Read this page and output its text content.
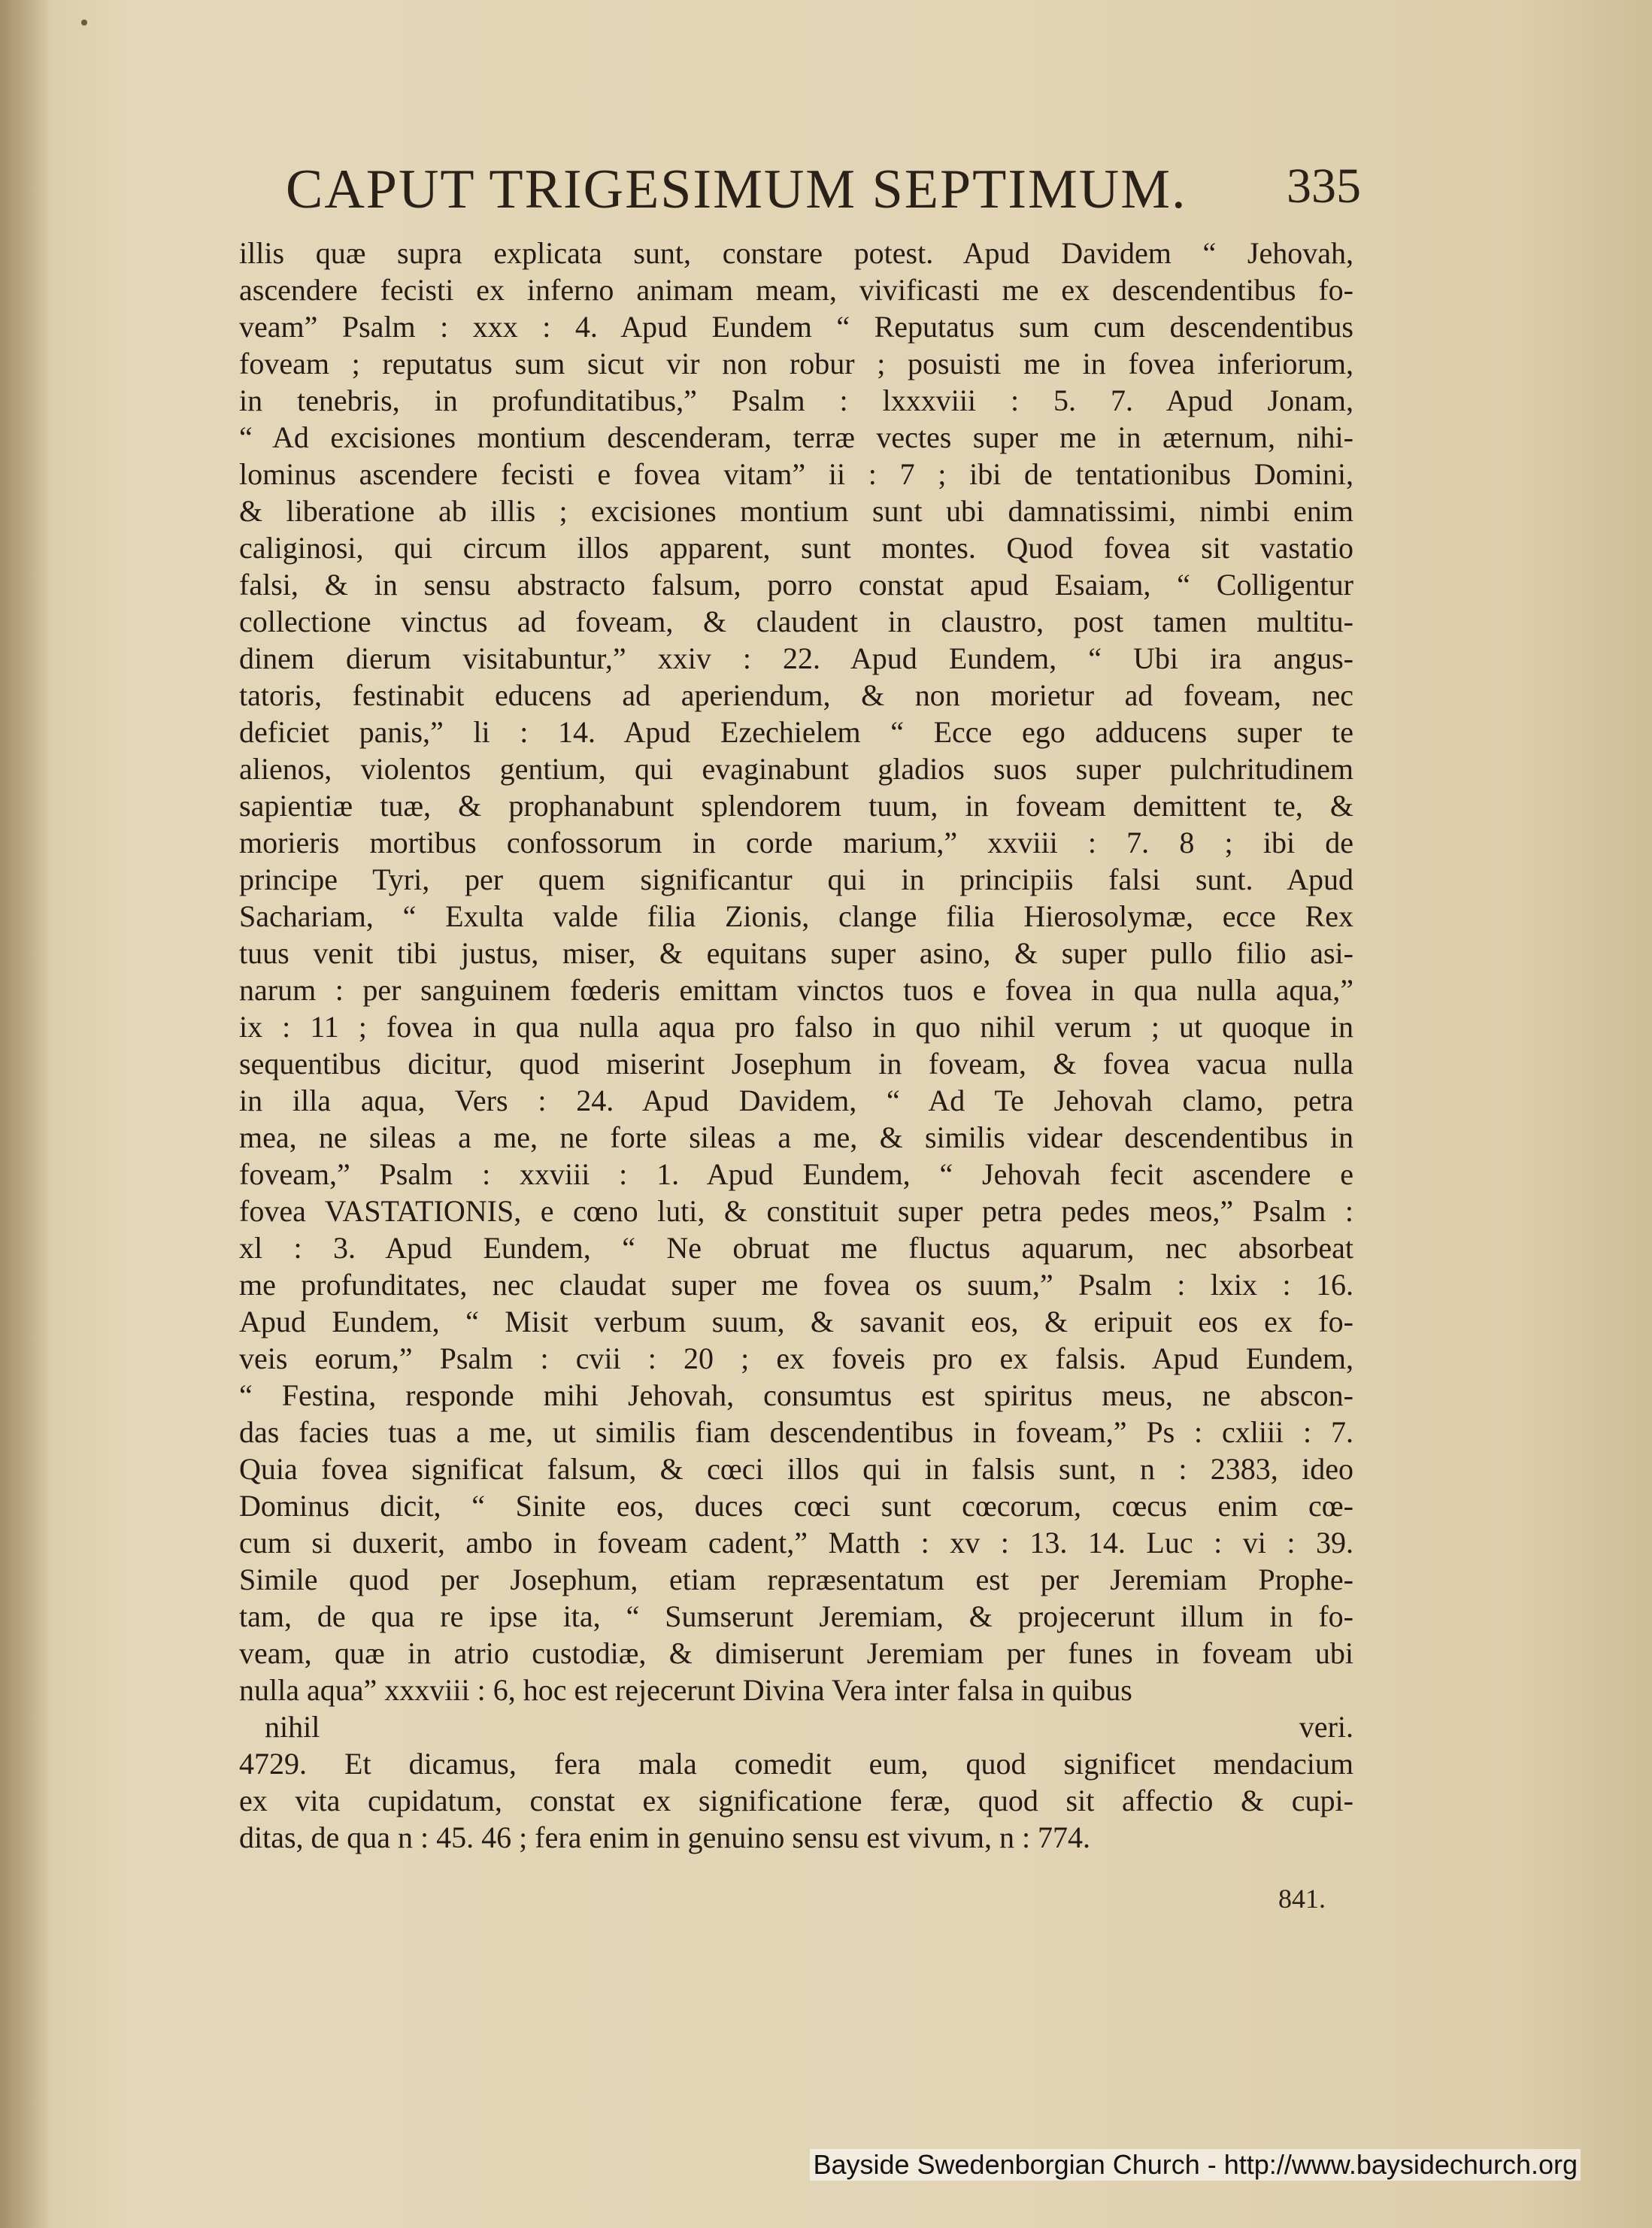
CAPUT TRIGESIMUM SEPTIMUM. 335
illis quæ supra explicata sunt, constare potest. Apud Davidem “ Jehovah,
ascendere fecisti ex inferno animam meam, vivificasti me ex descendentibus fo-
veam” Psalm : xxx : 4. Apud Eundem “ Reputatus sum cum descendentibus
foveam ; reputatus sum sicut vir non robur ; posuisti me in fovea inferiorum,
in tenebris, in profunditatibus,” Psalm : lxxxviii : 5. 7. Apud Jonam,
“ Ad excisiones montium descenderam, terræ vectes super me in æternum, nihi-
lominus ascendere fecisti e fovea vitam” ii : 7 ; ibi de tentationibus Domini,
& liberatione ab illis ; excisiones montium sunt ubi damnatissimi, nimbi enim
caliginosi, qui circum illos apparent, sunt montes. Quod fovea sit vastatio
falsi, & in sensu abstracto falsum, porro constat apud Esaiam, “ Colligentur
collectione vinctus ad foveam, & claudent in claustro, post tamen multitu-
dinem dierum visitabuntur,” xxiv : 22. Apud Eundem, “ Ubi ira angus-
tatoris, festinabit educens ad aperiendum, & non morietur ad foveam, nec
deficiet panis,” li : 14. Apud Ezechielem “ Ecce ego adducens super te
alienos, violentos gentium, qui evaginabunt gladios suos super pulchritudinem
sapientiæ tuæ, & prophanabunt splendorem tuum, in foveam demittent te, &
morieris mortibus confossorum in corde marium,” xxviii : 7. 8 ; ibi de
principe Tyri, per quem significantur qui in principiis falsi sunt. Apud
Sachariam, “ Exulta valde filia Zionis, clange filia Hierosolymæ, ecce Rex
tuus venit tibi justus, miser, & equitans super asino, & super pullo filio asi-
narum : per sanguinem fœderis emittam vinctos tuos e fovea in qua nulla aqua,”
ix : 11 ; fovea in qua nulla aqua pro falso in quo nihil verum ; ut quoque in
sequentibus dicitur, quod miserint Josephum in foveam, & fovea vacua nulla
in illa aqua, Vers : 24. Apud Davidem, “ Ad Te Jehovah clamo, petra
mea, ne sileas a me, ne forte sileas a me, & similis videar descendentibus in
foveam,” Psalm : xxviii : 1. Apud Eundem, “ Jehovah fecit ascendere e
fovea VASTATIONIS, e cœno luti, & constituit super petra pedes meos,” Psalm :
xl : 3. Apud Eundem, “ Ne obruat me fluctus aquarum, nec absorbeat
me profunditates, nec claudat super me fovea os suum,” Psalm : lxix : 16.
Apud Eundem, “ Misit verbum suum, & savanit eos, & eripuit eos ex fo-
veis eorum,” Psalm : cvii : 20 ; ex foveis pro ex falsis. Apud Eundem,
“ Festina, responde mihi Jehovah, consumtus est spiritus meus, ne abscon-
das facies tuas a me, ut similis fiam descendentibus in foveam,” Ps : cxliii : 7.
Quia fovea significat falsum, & cœci illos qui in falsis sunt, n : 2383, ideo
Dominus dicit, “ Sinite eos, duces cœci sunt cœcorum, cœcus enim cœ-
cum si duxerit, ambo in foveam cadent,” Matth : xv : 13. 14. Luc : vi : 39.
Simile quod per Josephum, etiam repræsentatum est per Jeremiam Prophe-
tam, de qua re ipse ita, “ Sumserunt Jeremiam, & projecerunt illum in fo-
veam, quæ in atrio custodiæ, & dimiserunt Jeremiam per funes in foveam ubi
nulla aqua” xxxviii : 6, hoc est rejecerunt Divina Vera inter falsa in quibus
nihil veri.
4729. Et dicamus, fera mala comedit eum, quod significet mendacium
ex vita cupidatum, constat ex significatione feræ, quod sit affectio & cupi-
ditas, de qua n : 45. 46 ; fera enim in genuino sensu est vivum, n : 774.
841.
Bayside Swedenborgian Church - http://www.baysidechurch.org
